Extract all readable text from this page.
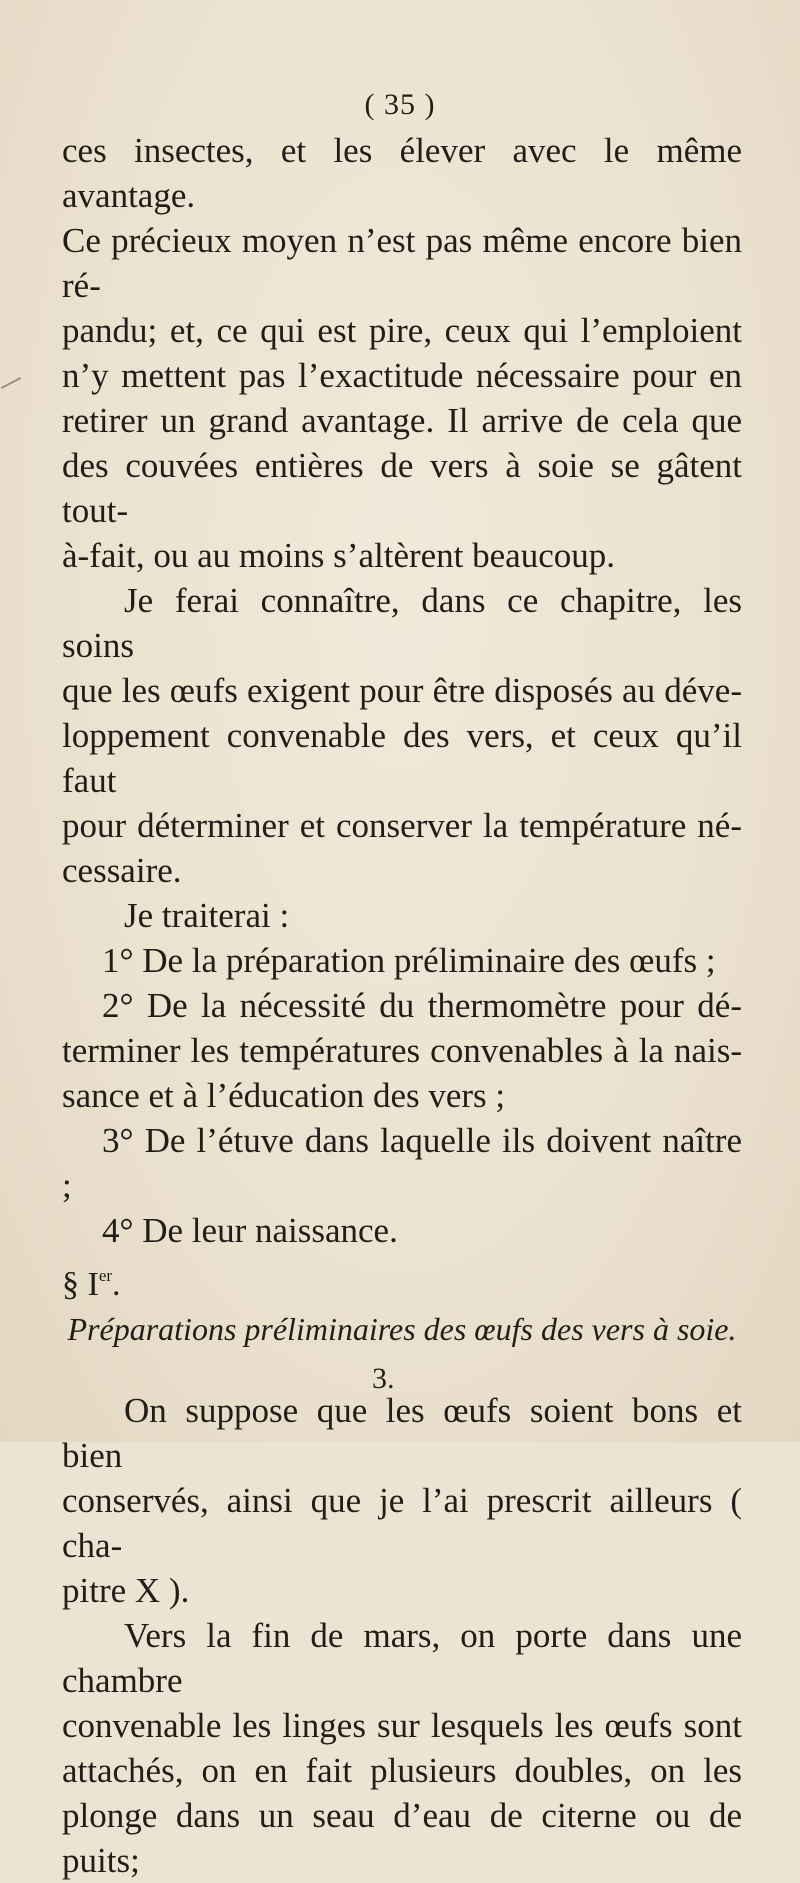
( 35 )

ces insectes, et les élever avec le même avantage.

Ce précieux moyen n’est pas même encore bien ré-

pandu; et, ce qui est pire, ceux qui l’emploient

n’y mettent pas l’exactitude nécessaire pour en

retirer un grand avantage. Il arrive de cela que

des couvées entières de vers à soie se gâtent tout-

à-fait, ou au moins s’altèrent beaucoup.

Je ferai connaître, dans ce chapitre, les soins

que les œufs exigent pour être disposés au déve-

loppement convenable des vers, et ceux qu’il faut

pour déterminer et conserver la température né-

cessaire.

Je traiterai :

1° De la préparation préliminaire des œufs ;

2° De la nécessité du thermomètre pour dé-

terminer les températures convenables à la nais-

sance et à l’éducation des vers ;

3° De l’étuve dans laquelle ils doivent naître ;

4° De leur naissance.

§ Ier.

Préparations préliminaires des œufs des vers à soie.

On suppose que les œufs soient bons et bien

conservés, ainsi que je l’ai prescrit ailleurs ( cha-

pitre X ).

Vers la fin de mars, on porte dans une chambre

convenable les linges sur lesquels les œufs sont

attachés, on en fait plusieurs doubles, on les

plonge dans un seau d’eau de citerne ou de puits;

3.
